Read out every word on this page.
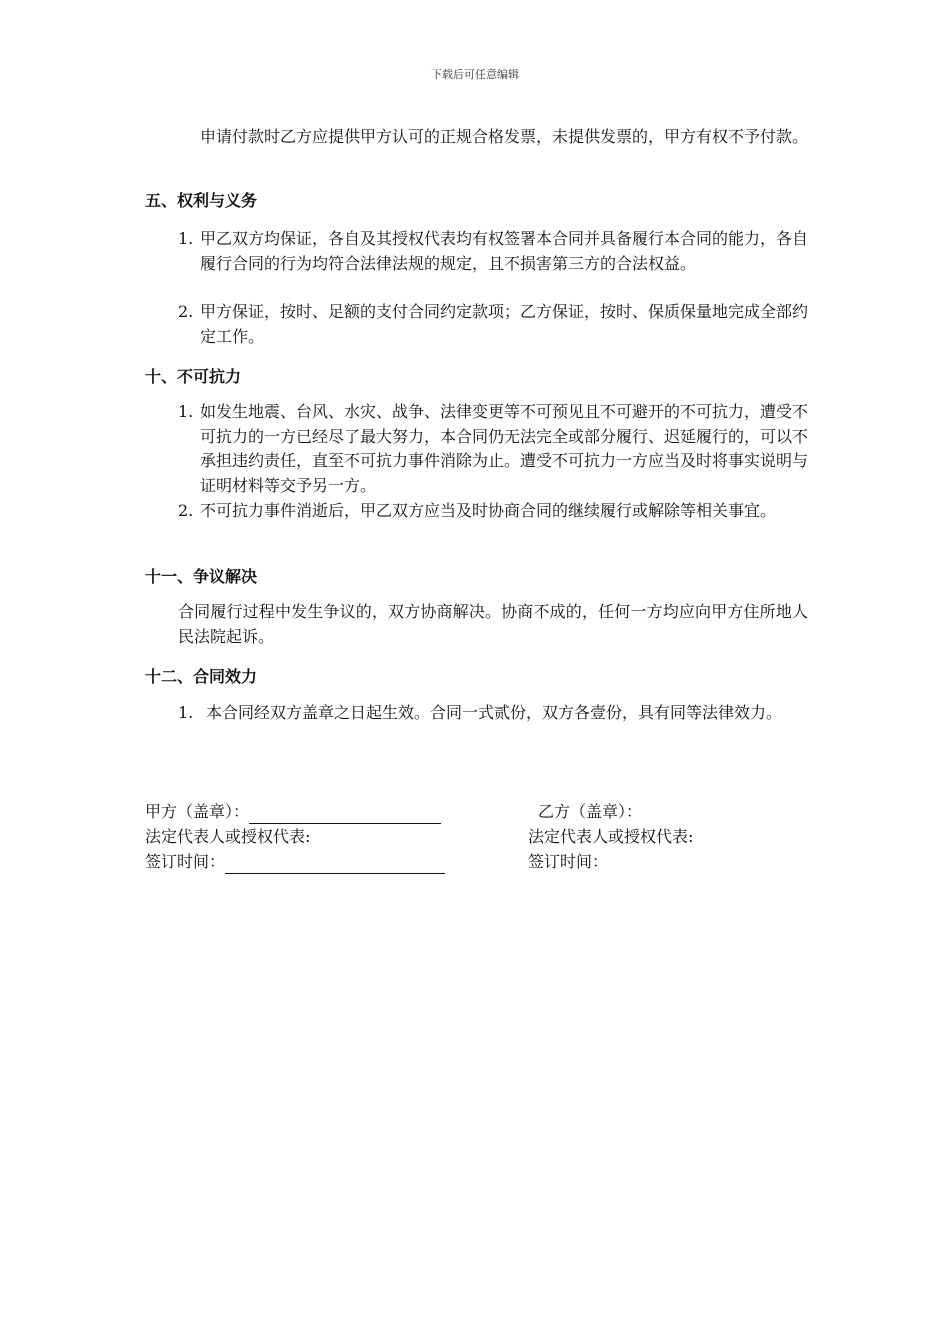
下载后可任意编辑
申请付款时乙方应提供甲方认可的正规合格发票，未提供发票的，甲方有权不予付款。
五、权利与义务
1. 甲乙双方均保证，各自及其授权代表均有权签署本合同并具备履行本合同的能力，各自履行合同的行为均符合法律法规的规定，且不损害第三方的合法权益。
2. 甲方保证，按时、足额的支付合同约定款项；乙方保证，按时、保质保量地完成全部约定工作。
十、不可抗力
1. 如发生地震、台风、水灾、战争、法律变更等不可预见且不可避开的不可抗力，遭受不可抗力的一方已经尽了最大努力，本合同仍无法完全或部分履行、迟延履行的，可以不承担违约责任，直至不可抗力事件消除为止。遭受不可抗力一方应当及时将事实说明与证明材料等交予另一方。
2. 不可抗力事件消逝后，甲乙双方应当及时协商合同的继续履行或解除等相关事宜。
十一、争议解决
合同履行过程中发生争议的，双方协商解决。协商不成的，任何一方均应向甲方住所地人民法院起诉。
十二、合同效力
1. 本合同经双方盖章之日起生效。合同一式贰份，双方各壹份，具有同等法律效力。
甲方（盖章）：	乙方（盖章）：
法定代表人或授权代表:	法定代表人或授权代表:
签订时间：	签订时间：
